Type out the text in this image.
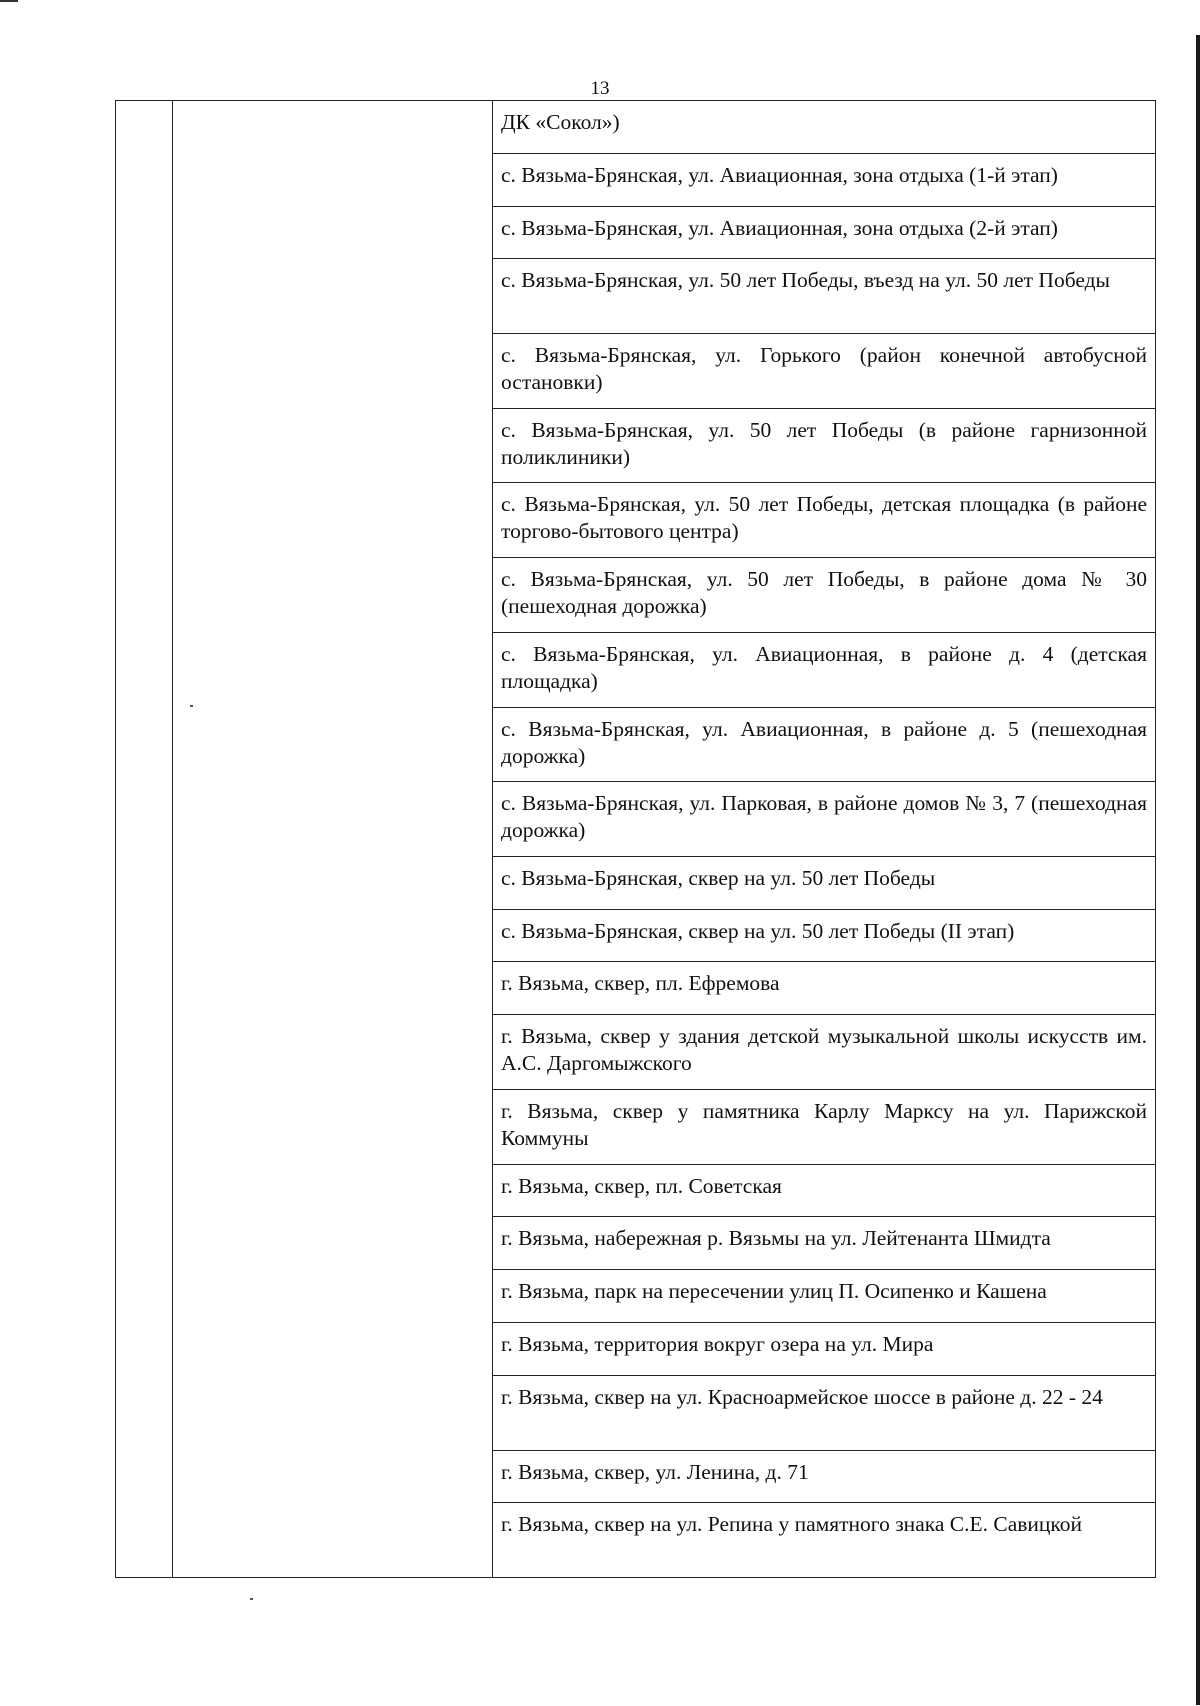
13

ДК «Сокол»)
с. Вязьма-Брянская, ул. Авиационная, зона отдыха (1-й этап)
с. Вязьма-Брянская, ул. Авиационная, зона отдыха (2-й этап)
с. Вязьма-Брянская, ул. 50 лет Победы, въезд на ул. 50 лет Победы
с. Вязьма-Брянская, ул. Горького (район конечной автобусной остановки)
с. Вязьма-Брянская, ул. 50 лет Победы (в районе гарнизонной поликлиники)
с. Вязьма-Брянская, ул. 50 лет Победы, детская площадка (в районе торгово-бытового центра)
с. Вязьма-Брянская, ул. 50 лет Победы, в районе дома № 30 (пешеходная дорожка)
с. Вязьма-Брянская, ул. Авиационная, в районе д. 4 (детская площадка)
с. Вязьма-Брянская, ул. Авиационная, в районе д. 5 (пешеходная дорожка)
с. Вязьма-Брянская, ул. Парковая, в районе домов № 3, 7 (пешеходная дорожка)
с. Вязьма-Брянская, сквер на ул. 50 лет Победы
с. Вязьма-Брянская, сквер на ул. 50 лет Победы (II этап)
г. Вязьма, сквер, пл. Ефремова
г. Вязьма, сквер у здания детской музыкальной школы искусств им. А.С. Даргомыжского
г. Вязьма, сквер у памятника Карлу Марксу на ул. Парижской Коммуны
г. Вязьма, сквер, пл. Советская
г. Вязьма, набережная р. Вязьмы на ул. Лейтенанта Шмидта
г. Вязьма, парк на пересечении улиц П. Осипенко и Кашена
г. Вязьма, территория вокруг озера на ул. Мира
г. Вязьма, сквер на ул. Красноармейское шоссе в районе д. 22 - 24
г. Вязьма, сквер, ул. Ленина, д. 71
г. Вязьма, сквер на ул. Репина у памятного знака С.Е. Савицкой
